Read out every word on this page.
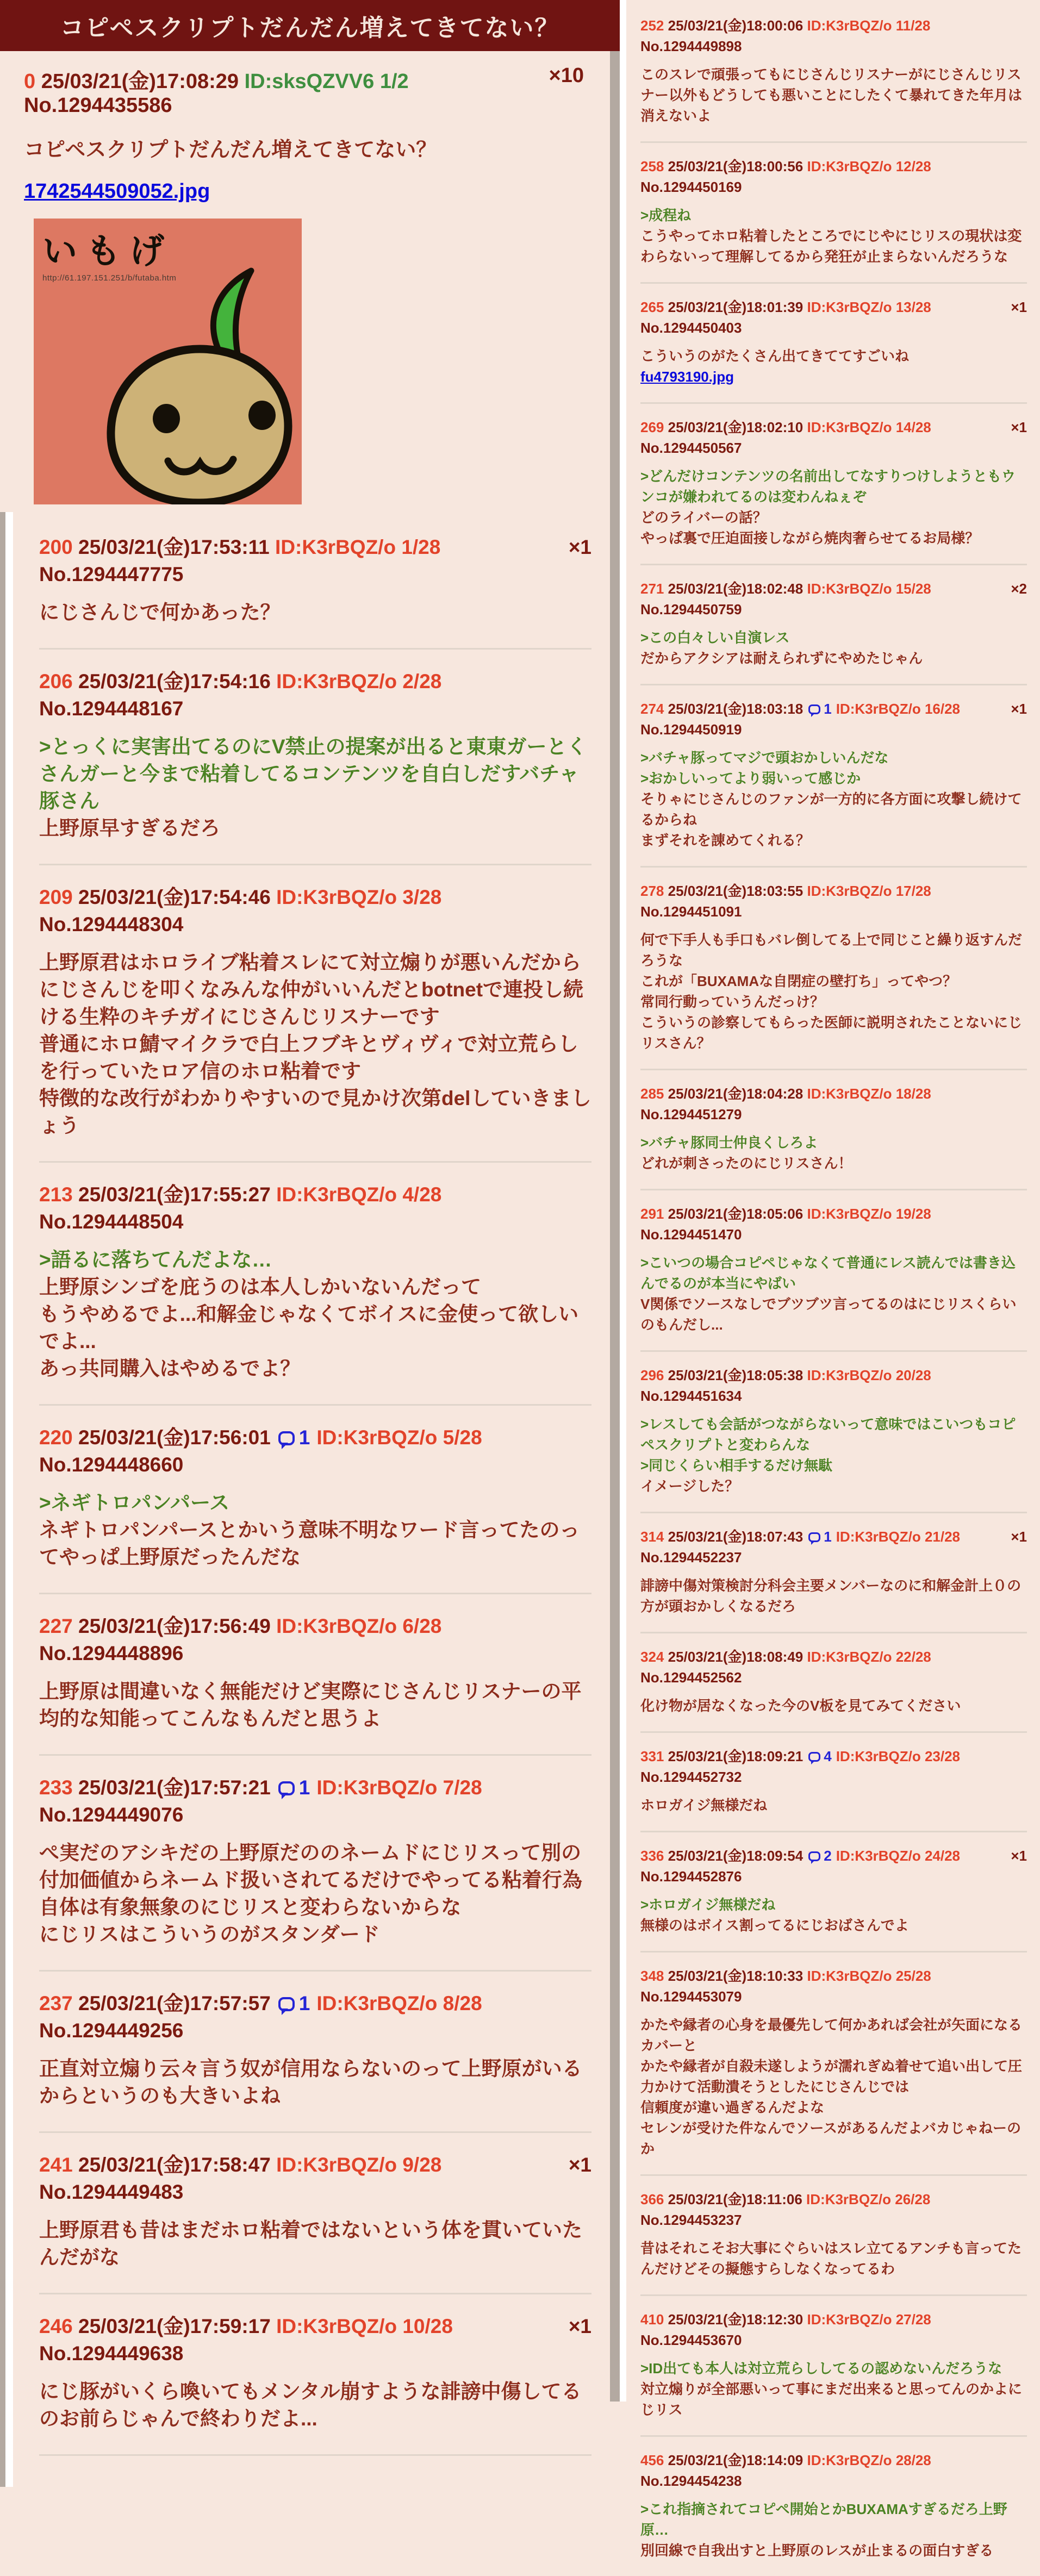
コピペスクリプトだんだん増えてきてない？
×10
0 25/03/21(金)17:08:29 ID:sksQZVV6 1/2 No.1294435586
コピペスクリプトだんだん増えてきてない？
1742544509052.jpg
いもげ
http://61.197.151.251/b/futaba.htm
×1
200 25/03/21(金)17:53:11 ID:K3rBQZ/o 1/28 No.1294447775
にじさんじで何かあった？
206 25/03/21(金)17:54:16 ID:K3rBQZ/o 2/28 No.1294448167
>とっくに実害出てるのにV禁止の提案が出ると東東ガーとくさんガーと今まで粘着してるコンテンツを自白しだすバチャ豚さん
上野原早すぎるだろ
209 25/03/21(金)17:54:46 ID:K3rBQZ/o 3/28 No.1294448304
上野原君はホロライブ粘着スレにて対立煽りが悪いんだから
にじさんじを叩くなみんな仲がいいんだとbotnetで連投し続ける生粋のキチガイにじさんじリスナーです
普通にホロ鯖マイクラで白上フブキとヴィヴィで対立荒らしを行っていたロア信のホロ粘着です
特徴的な改行がわかりやすいので見かけ次第delしていきましょう
213 25/03/21(金)17:55:27 ID:K3rBQZ/o 4/28 No.1294448504
>語るに落ちてんだよな…
上野原シンゴを庇うのは本人しかいないんだって
もうやめるでよ...和解金じゃなくてボイスに金使って欲しいでよ...
あっ共同購入はやめるでよ？
220 25/03/21(金)17:56:01 1 ID:K3rBQZ/o 5/28 No.1294448660
>ネギトロパンパース
ネギトロパンパースとかいう意味不明なワード言ってたのってやっぱ上野原だったんだな
227 25/03/21(金)17:56:49 ID:K3rBQZ/o 6/28 No.1294448896
上野原は間違いなく無能だけど実際にじさんじリスナーの平均的な知能ってこんなもんだと思うよ
233 25/03/21(金)17:57:21 1 ID:K3rBQZ/o 7/28 No.1294449076
ぺ実だのアシキだの上野原だののネームドにじリスって別の付加価値からネームド扱いされてるだけでやってる粘着行為自体は有象無象のにじリスと変わらないからな
にじリスはこういうのがスタンダード
237 25/03/21(金)17:57:57 1 ID:K3rBQZ/o 8/28 No.1294449256
正直対立煽り云々言う奴が信用ならないのって上野原がいるからというのも大きいよね
×1
241 25/03/21(金)17:58:47 ID:K3rBQZ/o 9/28 No.1294449483
上野原君も昔はまだホロ粘着ではないという体を貫いていたんだがな
×1
246 25/03/21(金)17:59:17 ID:K3rBQZ/o 10/28 No.1294449638
にじ豚がいくら喚いてもメンタル崩すような誹謗中傷してるのお前らじゃんで終わりだよ...
252 25/03/21(金)18:00:06 ID:K3rBQZ/o 11/28 No.1294449898
このスレで頑張ってもにじさんじリスナーがにじさんじリスナー以外もどうしても悪いことにしたくて暴れてきた年月は消えないよ
258 25/03/21(金)18:00:56 ID:K3rBQZ/o 12/28 No.1294450169
>成程ね
こうやってホロ粘着したところでにじやにじリスの現状は変わらないって理解してるから発狂が止まらないんだろうな
×1
265 25/03/21(金)18:01:39 ID:K3rBQZ/o 13/28 No.1294450403
こういうのがたくさん出てきててすごいね
fu4793190.jpg
×1
269 25/03/21(金)18:02:10 ID:K3rBQZ/o 14/28 No.1294450567
>どんだけコンテンツの名前出してなすりつけしようともウンコが嫌われてるのは変わんねぇぞ
どのライバーの話？
やっぱ裏で圧迫面接しながら焼肉奢らせてるお局様？
×2
271 25/03/21(金)18:02:48 ID:K3rBQZ/o 15/28 No.1294450759
>この白々しい自演レス
だからアクシアは耐えられずにやめたじゃん
×1
274 25/03/21(金)18:03:18 1 ID:K3rBQZ/o 16/28 No.1294450919
>バチャ豚ってマジで頭おかしいんだな
>おかしいってより弱いって感じか
そりゃにじさんじのファンが一方的に各方面に攻撃し続けてるからね
まずそれを諌めてくれる？
278 25/03/21(金)18:03:55 ID:K3rBQZ/o 17/28 No.1294451091
何で下手人も手口もバレ倒してる上で同じこと繰り返すんだろうな
これが「BUXAMAな自閉症の壁打ち」ってやつ？
常同行動っていうんだっけ？
こういうの診察してもらった医師に説明されたことないにじリスさん？
285 25/03/21(金)18:04:28 ID:K3rBQZ/o 18/28 No.1294451279
>バチャ豚同士仲良くしろよ
どれが刺さったのにじリスさん！
291 25/03/21(金)18:05:06 ID:K3rBQZ/o 19/28 No.1294451470
>こいつの場合コピペじゃなくて普通にレス読んでは書き込んでるのが本当にやばい
V関係でソースなしでブツブツ言ってるのはにじリスくらいのもんだし...
296 25/03/21(金)18:05:38 ID:K3rBQZ/o 20/28 No.1294451634
>レスしても会話がつながらないって意味ではこいつもコピペスクリプトと変わらんな
>同じくらい相手するだけ無駄
イメージした？
×1
314 25/03/21(金)18:07:43 1 ID:K3rBQZ/o 21/28 No.1294452237
誹謗中傷対策検討分科会主要メンバーなのに和解金計上０の方が頭おかしくなるだろ
324 25/03/21(金)18:08:49 ID:K3rBQZ/o 22/28 No.1294452562
化け物が居なくなった今のV板を見てみてください
331 25/03/21(金)18:09:21 4 ID:K3rBQZ/o 23/28 No.1294452732
ホロガイジ無様だね
×1
336 25/03/21(金)18:09:54 2 ID:K3rBQZ/o 24/28 No.1294452876
>ホロガイジ無様だね
無様のはボイス割ってるにじおばさんでよ
348 25/03/21(金)18:10:33 ID:K3rBQZ/o 25/28 No.1294453079
かたや縁者の心身を最優先して何かあれば会社が矢面になるカバーと
かたや縁者が自殺未遂しようが濡れぎぬ着せて追い出して圧力かけて活動潰そうとしたにじさんじでは
信頼度が違い過ぎるんだよな
セレンが受けた件なんでソースがあるんだよバカじゃねーのか
366 25/03/21(金)18:11:06 ID:K3rBQZ/o 26/28 No.1294453237
昔はそれこそお大事にぐらいはスレ立てるアンチも言ってたんだけどその擬態すらしなくなってるわ
410 25/03/21(金)18:12:30 ID:K3rBQZ/o 27/28 No.1294453670
>ID出ても本人は対立荒らししてるの認めないんだろうな
対立煽りが全部悪いって事にまだ出来ると思ってんのかよにじリス
456 25/03/21(金)18:14:09 ID:K3rBQZ/o 28/28 No.1294454238
>これ指摘されてコピペ開始とかBUXAMAすぎるだろ上野原…
別回線で自我出すと上野原のレスが止まるの面白すぎる
